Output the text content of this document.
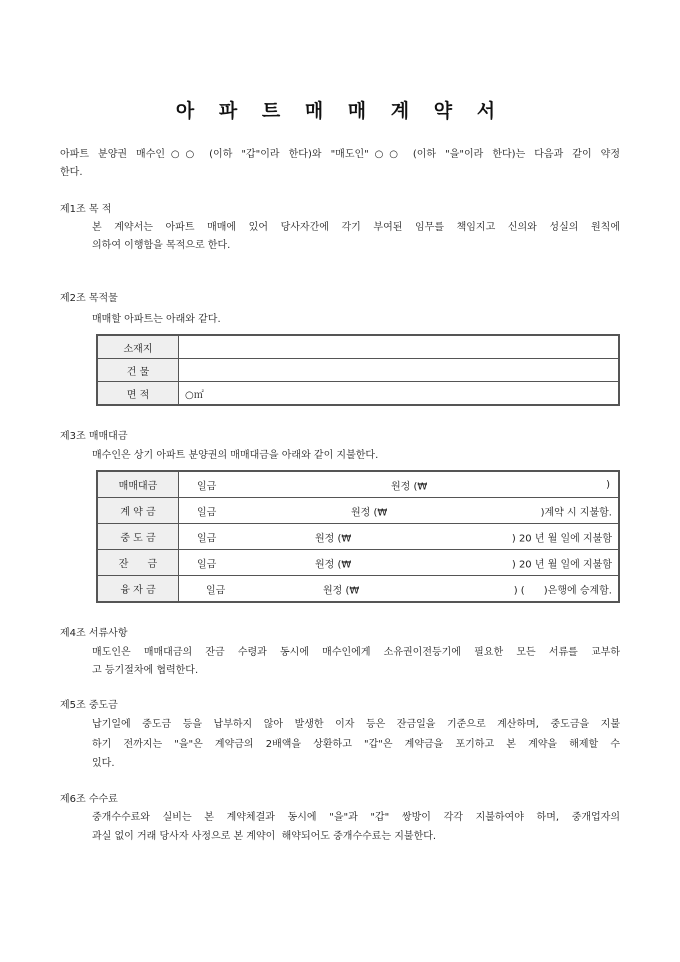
아 파 트 매 매 계 약 서
아파트 분양권 매수인○○ (이하 "갑"이라 한다)와 "매도인"○○ (이하 "을"이라 한다)는 다음과 같이 약정
한다.
제1조 목 적
본 계약서는 아파트 매매에 있어 당사자간에 각기 부여된 임무를 책임지고 신의와 성실의 원칙에
의하여 이행함을 목적으로 한다.
제2조 목적물
매매할 아파트는 아래와 같다.
소재지	
건 물	
면 적	○㎡
제3조 매매대금
매수인은 상기 아파트 분양권의 매매대금을 아래와 같이 지불한다.
매매대금	일금 원정 (₩ )

계 약 금	일금 원정 (₩ )계약 시 지불함.

중 도 금	일금 원정 (₩ ) 20 년 월 일에 지불함

잔      금	일금 원정 (₩ ) 20 년 월 일에 지불함

융 자 금	일금 원정 (₩ ) (      )은행에 승계함.
제4조 서류사항
매도인은 매매대금의 잔금 수령과 동시에 매수인에게 소유권이전등기에 필요한 모든 서류를 교부하
고 등기절차에 협력한다.
제5조 중도금
납기일에 중도금 등을 납부하지 않아 발생한 이자 등은 잔금일을 기준으로 계산하며, 중도금을 지불
하기 전까지는 "을"은 계약금의 2배액을 상환하고 "갑"은 계약금을 포기하고 본 계약을 해제할 수
있다.
제6조 수수료
중개수수료와 실비는 본 계약체결과 동시에 "을"과 "갑" 쌍방이 각각 지불하여야 하며, 중개업자의
과실 없이 거래 당사자 사정으로 본 계약이  해약되어도 중개수수료는 지불한다.
